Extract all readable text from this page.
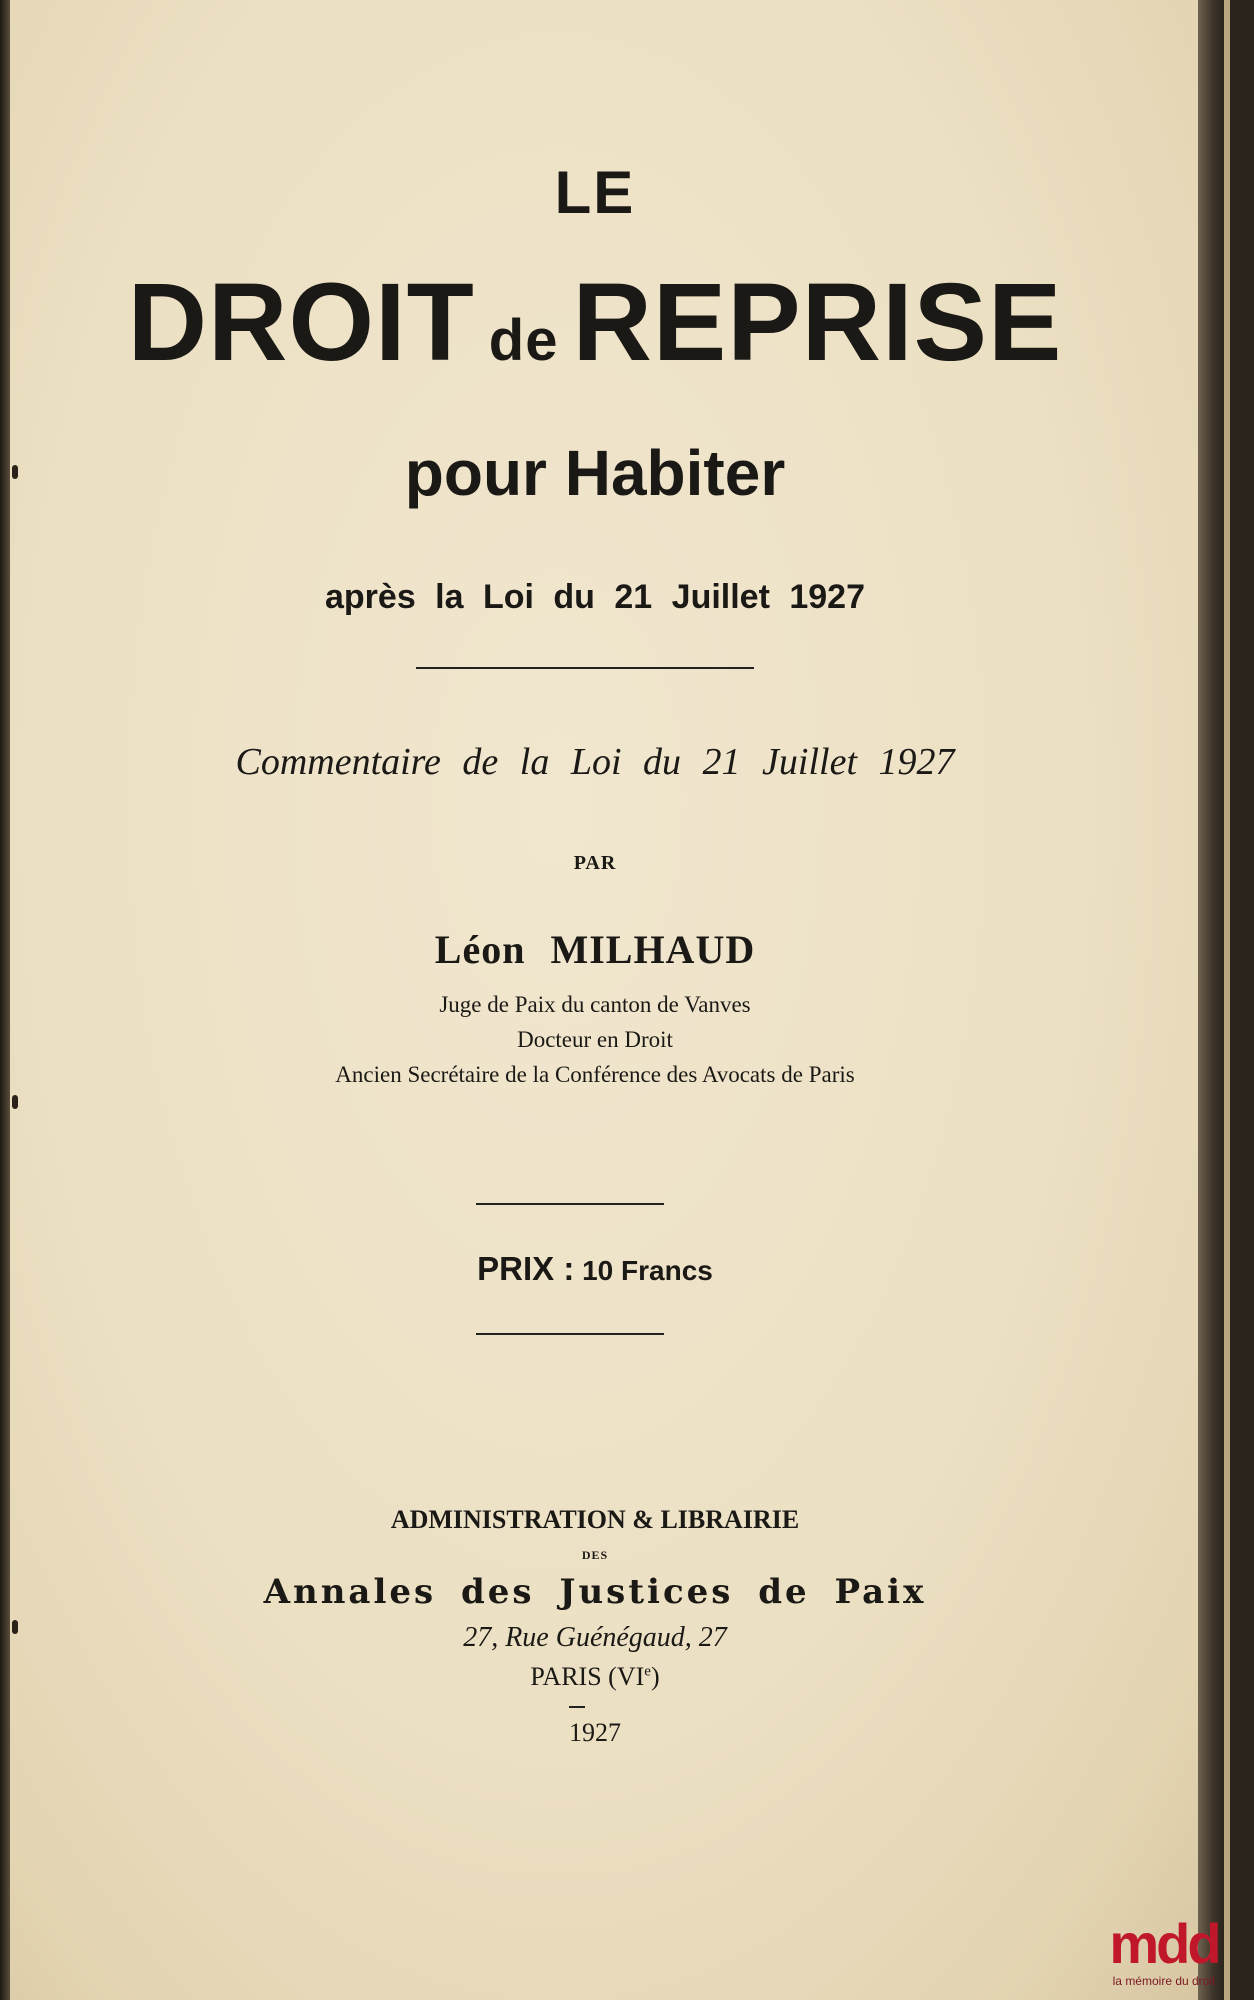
LE
DROIT de REPRISE
pour Habiter

après la Loi du 21 Juillet 1927

Commentaire de la Loi du 21 Juillet 1927

PAR

Léon MILHAUD

Juge de Paix du canton de Vanves

Docteur en Droit

Ancien Secrétaire de la Conférence des Avocats de Paris

PRIX : 10 Francs

ADMINISTRATION & LIBRAIRIE

DES

Annales des Justices de Paix

27, Rue Guénégaud, 27

PARIS (VIe)

1927

mdd
la mémoire du droit
